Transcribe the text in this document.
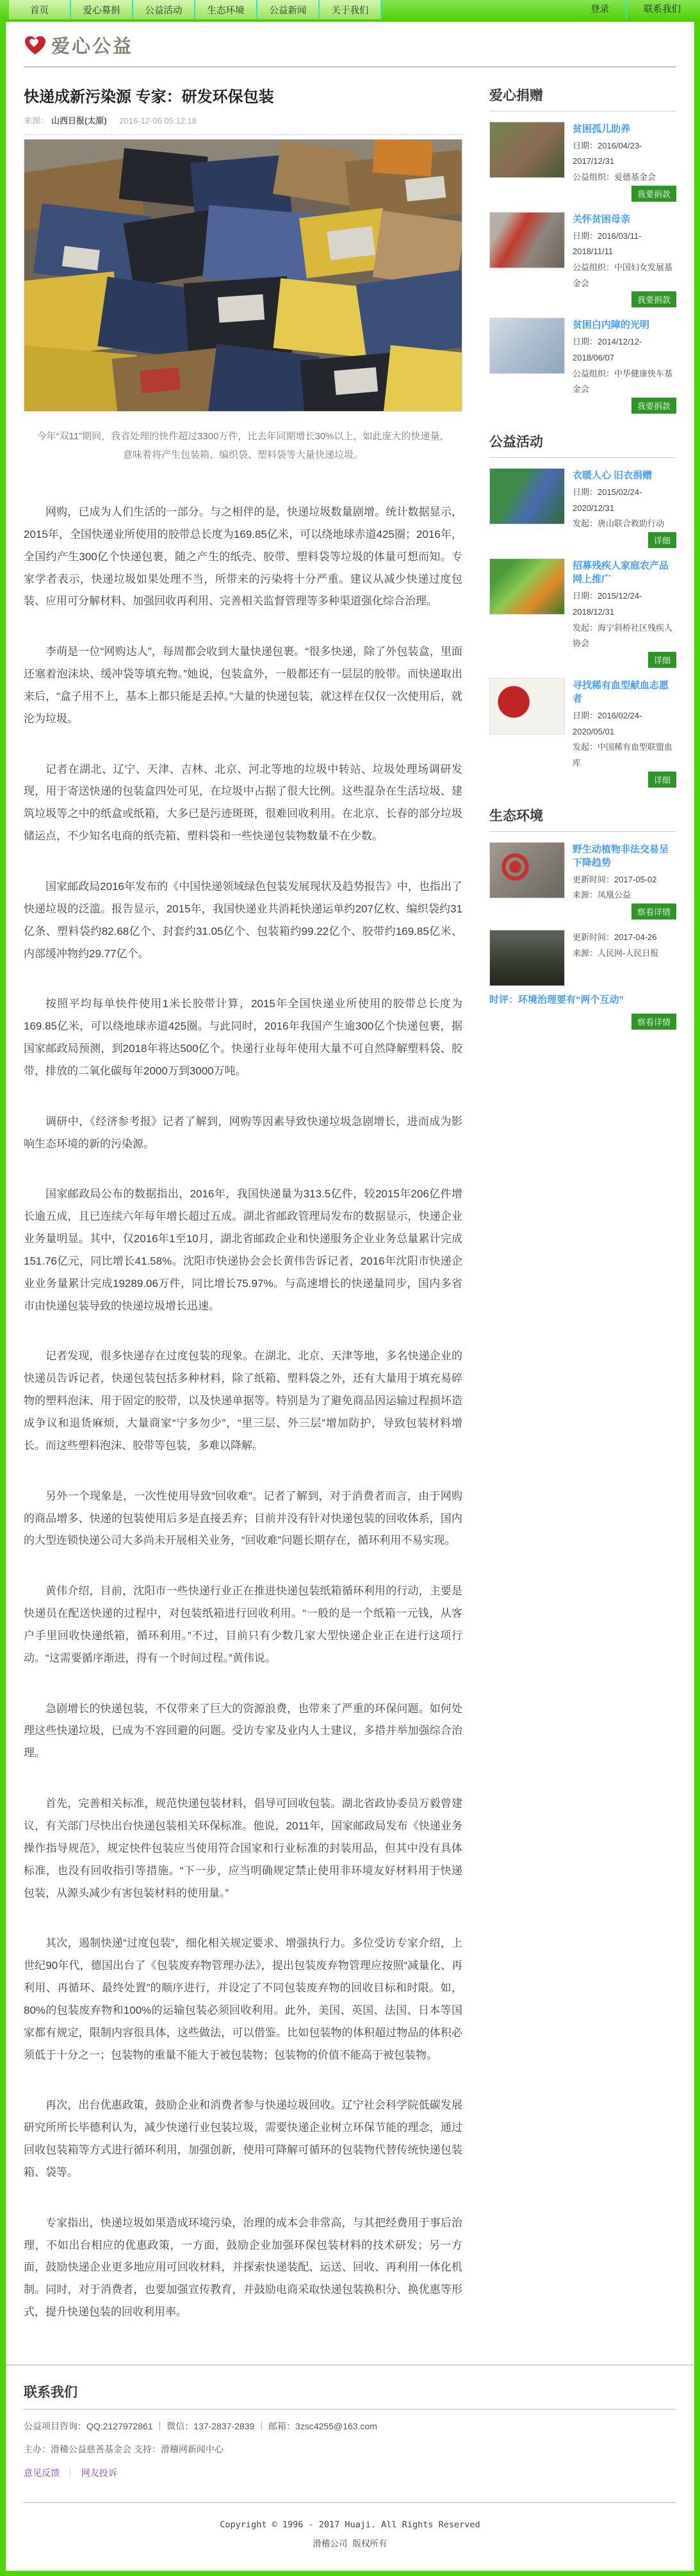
首页	爱心募捐	公益活动	生态环境	公益新闻	关于我们	登录	联系我们
爱心公益
快递成新污染源 专家：研发环保包装
来源： 山西日报(太原) 2016-12-06 05:12:18

今年“双11”期间，我省处理的快件超过3300万件，比去年同期增长30%以上，如此庞大的快递量，意味着将产生包装箱、编织袋、塑料袋等大量快递垃圾。

网购，已成为人们生活的一部分。与之相伴的是，快递垃圾数量剧增。统计数据显示，2015年，全国快递业所使用的胶带总长度为169.85亿米，可以绕地球赤道425圈；2016年，全国约产生300亿个快递包裹，随之产生的纸壳、胶带、塑料袋等垃圾的体量可想而知。专家学者表示，快递垃圾如果处理不当，所带来的污染将十分严重。建议从减少快递过度包装、应用可分解材料、加强回收再利用、完善相关监督管理等多种渠道强化综合治理。

李萌是一位“网购达人”，每周都会收到大量快递包裹。“很多快递，除了外包装盒，里面还塞着泡沫块、缓冲袋等填充物。”她说，包装盒外，一般都还有一层层的胶带。而快递取出来后，“盒子用不上，基本上都只能是丢掉。”大量的快递包装，就这样在仅仅一次使用后，就沦为垃圾。

记者在湖北、辽宁、天津、吉林、北京、河北等地的垃圾中转站、垃圾处理场调研发现，用于寄送快递的包装盒四处可见，在垃圾中占据了很大比例。这些混杂在生活垃圾、建筑垃圾等之中的纸盒或纸箱，大多已是污迹斑斑，很难回收利用。在北京、长春的部分垃圾储运点，不少知名电商的纸壳箱、塑料袋和一些快递包装物数量不在少数。

国家邮政局2016年发布的《中国快递领域绿色包装发展现状及趋势报告》中，也指出了快递垃圾的泛滥。报告显示，2015年，我国快递业共消耗快递运单约207亿枚、编织袋约31亿条、塑料袋约82.68亿个、封套约31.05亿个、包装箱约99.22亿个、胶带约169.85亿米、内部缓冲物约29.77亿个。

按照平均每单快件使用1米长胶带计算，2015年全国快递业所使用的胶带总长度为169.85亿米，可以绕地球赤道425圈。与此同时，2016年我国产生逾300亿个快递包裹，据国家邮政局预测，到2018年将达500亿个。快递行业每年使用大量不可自然降解塑料袋、胶带，排放的二氧化碳每年2000万到3000万吨。

调研中，《经济参考报》记者了解到，网购等因素导致快递垃圾急剧增长，进而成为影响生态环境的新的污染源。

国家邮政局公布的数据指出，2016年，我国快递量为313.5亿件，较2015年206亿件增长逾五成，且已连续六年每年增长超过五成。湖北省邮政管理局发布的数据显示，快递企业业务量明显。其中，仅2016年1至10月，湖北省邮政企业和快递服务企业业务总量累计完成151.76亿元，同比增长41.58%。沈阳市快递协会会长黄伟告诉记者，2016年沈阳市快递企业业务量累计完成19289.06万件，同比增长75.97%。与高速增长的快递量同步，国内多省市由快递包装导致的快递垃圾增长迅速。

记者发现，很多快递存在过度包装的现象。在湖北、北京、天津等地，多名快递企业的快递员告诉记者，快递包装包括多种材料，除了纸箱、塑料袋之外，还有大量用于填充易碎物的塑料泡沫、用于固定的胶带，以及快递单据等。特别是为了避免商品因运输过程损坏造成争议和退货麻烦，大量商家“宁多勿少”，“里三层、外三层”增加防护，导致包装材料增长。而这些塑料泡沫、胶带等包装，多难以降解。

另外一个现象是，一次性使用导致“回收难”。记者了解到，对于消费者而言，由于网购的商品增多、快递的包装使用后多是直接丢弃；目前并没有针对快递包装的回收体系，国内的大型连锁快递公司大多尚未开展相关业务，“回收难”问题长期存在，循环利用不易实现。

黄伟介绍，目前，沈阳市一些快递行业正在推进快递包装纸箱循环利用的行动，主要是快递员在配送快递的过程中，对包装纸箱进行回收利用。“一般的是一个纸箱一元钱，从客户手里回收快递纸箱，循环利用。”不过，目前只有少数几家大型快递企业正在进行这项行动。“这需要循序渐进，得有一个时间过程。”黄伟说。

急剧增长的快递包装，不仅带来了巨大的资源浪费，也带来了严重的环保问题。如何处理这些快递垃圾，已成为不容回避的问题。受访专家及业内人士建议，多措并举加强综合治理。

首先，完善相关标准，规范快递包装材料，倡导可回收包装。湖北省政协委员万毅曾建议，有关部门尽快出台快递包装相关环保标准。他说，2011年，国家邮政局发布《快递业务操作指导规范》，规定快件包装应当使用符合国家和行业标准的封装用品，但其中没有具体标准，也没有回收指引等措施。“下一步，应当明确规定禁止使用非环境友好材料用于快递包装，从源头减少有害包装材料的使用量。”

其次，遏制快递“过度包装”，细化相关规定要求、增强执行力。多位受访专家介绍，上世纪90年代，德国出台了《包装废弃物管理办法》，提出包装废弃物管理应按照“减量化、再利用、再循环、最终处置”的顺序进行，并设定了不同包装废弃物的回收目标和时限。如，80%的包装废弃物和100%的运输包装必须回收利用。此外，美国、英国、法国、日本等国家都有规定，限制内容很具体，这些做法，可以借鉴。比如包装物的体积超过物品的体积必须低于十分之一；包装物的重量不能大于被包装物；包装物的价值不能高于被包装物。

再次，出台优惠政策，鼓励企业和消费者参与快递垃圾回收。辽宁社会科学院低碳发展研究所所长毕德利认为，减少快递行业包装垃圾，需要快递企业树立环保节能的理念，通过回收包装箱等方式进行循环利用，加强创新，使用可降解可循环的包装物代替传统快递包装箱、袋等。

专家指出，快递垃圾如果造成环境污染，治理的成本会非常高，与其把经费用于事后治理，不如出台相应的优惠政策，一方面，鼓励企业加强环保包装材料的技术研发；另一方面，鼓励快递企业更多地应用可回收材料，并探索快递装配、运送、回收、再利用一体化机制。同时，对于消费者，也要加强宣传教育，并鼓励电商采取快递包装换积分、换优惠等形式，提升快递包装的回收利用率。

爱心捐赠
贫困孤儿助养
日期：2016/04/23-2017/12/31
公益组织：爱德基金会
我要捐款
关怀贫困母亲
日期：2016/03/11-2018/11/11
公益组织：中国妇女发展基金会
我要捐款
贫困白内障的光明
日期：2014/12/12-2018/06/07
公益组织：中华健康快车基金会
我要捐款
公益活动
衣暖人心 旧衣捐赠
日期：2015/02/24-2020/12/31
发起：唐山联合救助行动
详细
招募残疾人家庭农产品网上推广
日期：2015/12/24-2018/12/31
发起：海宁斜桥社区残疾人协会
详细
寻找稀有血型献血志愿者
日期：2016/02/24-2020/05/01
发起：中国稀有血型联盟血库
详细
生态环境
野生动植物非法交易呈下降趋势
更新时间：2017-05-02
来源：凤凰公益
察看详情
更新时间：2017-04-26
来源：人民网-人民日报
时评：环境治理要有“两个互动”
察看详情
联系我们

公益项目咨询：QQ:2127972861 ｜ 微信：137-2837-2839 ｜ 邮箱：3zsc4255@163.com

主办：滑稽公益慈善基金会 支持：滑稽网新闻中心

意见反馈 ｜ 网友投诉

Copyright © 1996 - 2017 Huaji. All Rights Reserved
滑稽公司 版权所有
